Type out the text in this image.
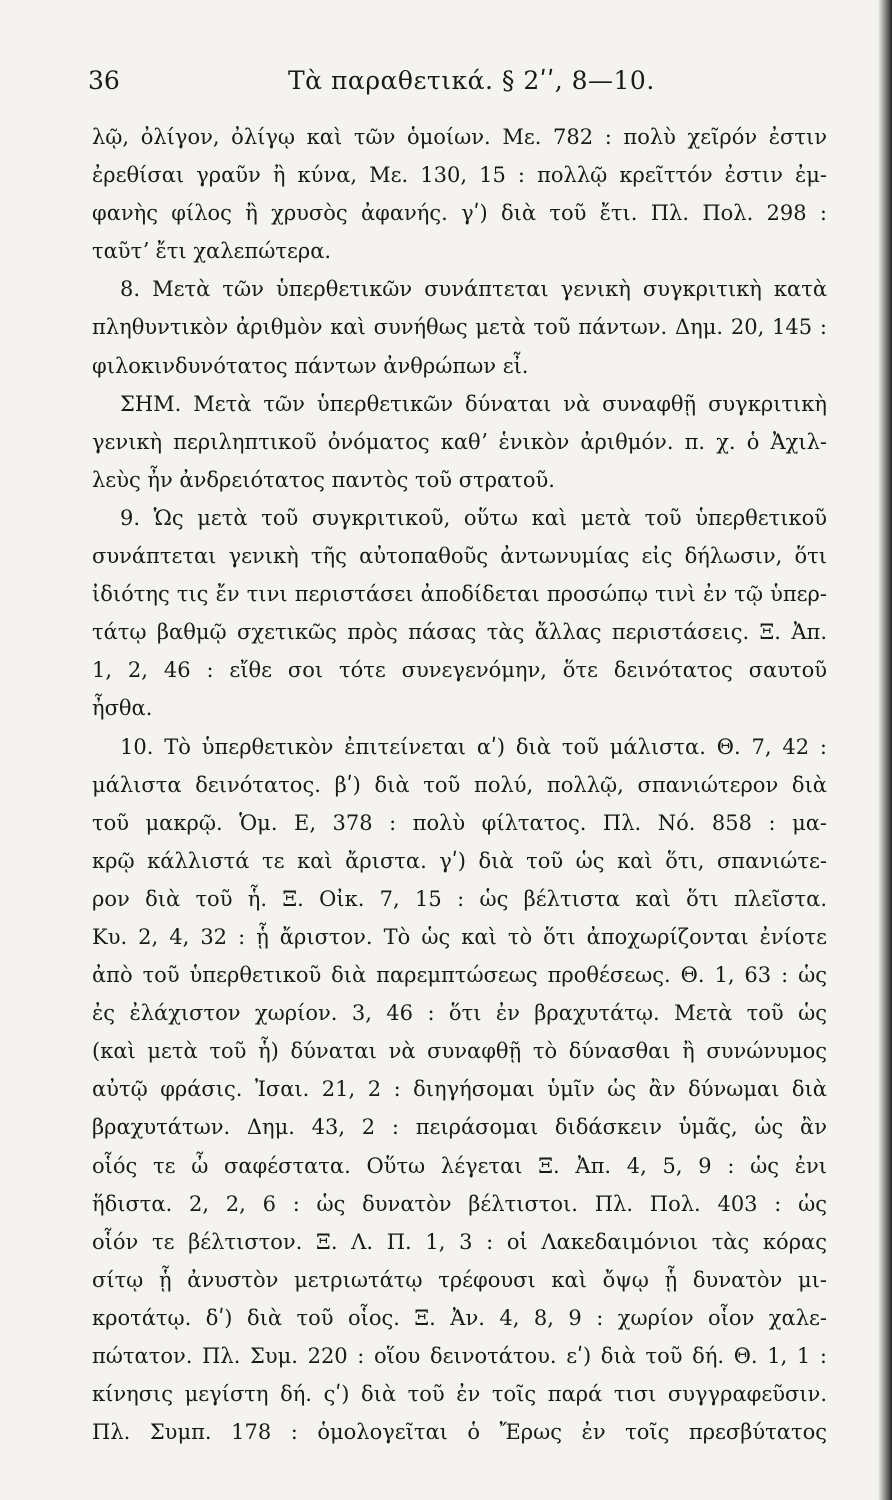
36	Τὰ παραθετικά. § 2ʹʹ, 8—10.
λῷ, ὀλίγον, ὀλίγῳ καὶ τῶν ὁμοίων. Με. 782 : πολὺ χεῖρόν ἐστιν
ἐρεθίσαι γραῦν ἢ κύνα, Με. 130, 15 : πολλῷ κρεῖττόν ἐστιν ἐμ-
φανὴς φίλος ἢ χρυσὸς ἀφανής. γʹ) διὰ τοῦ ἔτι. Πλ. Πολ. 298 :
ταῦτʼ ἔτι χαλεπώτερα.
8. Μετὰ τῶν ὑπερθετικῶν συνάπτεται γενικὴ συγκριτικὴ κατὰ
πληθυντικὸν ἀριθμὸν καὶ συνήθως μετὰ τοῦ πάντων. Δημ. 20, 145 :
φιλοκινδυνότατος πάντων ἀνθρώπων εἶ.
ΣΗΜ. Μετὰ τῶν ὑπερθετικῶν δύναται νὰ συναφθῇ συγκριτικὴ
γενικὴ περιληπτικοῦ ὀνόματος καθʼ ἑνικὸν ἀριθμόν. π. χ. ὁ Ἀχιλ-
λεὺς ἦν ἀνδρειότατος παντὸς τοῦ στρατοῦ.
9. Ὡς μετὰ τοῦ συγκριτικοῦ, οὕτω καὶ μετὰ τοῦ ὑπερθετικοῦ
συνάπτεται γενικὴ τῆς αὐτοπαθοῦς ἀντωνυμίας εἰς δήλωσιν, ὅτι
ἰδιότης τις ἔν τινι περιστάσει ἀποδίδεται προσώπῳ τινὶ ἐν τῷ ὑπερ-
τάτῳ βαθμῷ σχετικῶς πρὸς πάσας τὰς ἄλλας περιστάσεις. Ξ. Ἀπ.
1, 2, 46 : εἴθε σοι τότε συνεγενόμην, ὅτε δεινότατος σαυτοῦ
ἦσθα.
10. Τὸ ὑπερθετικὸν ἐπιτείνεται αʹ) διὰ τοῦ μάλιστα. Θ. 7, 42 :
μάλιστα δεινότατος. βʹ) διὰ τοῦ πολύ, πολλῷ, σπανιώτερον διὰ
τοῦ μακρῷ. Ὁμ. Ε, 378 : πολὺ φίλτατος. Πλ. Νό. 858 : μα-
κρῷ κάλλιστά τε καὶ ἄριστα. γʹ) διὰ τοῦ ὡς καὶ ὅτι, σπανιώτε-
ρον διὰ τοῦ ἧ. Ξ. Οἰκ. 7, 15 : ὡς βέλτιστα καὶ ὅτι πλεῖστα.
Κυ. 2, 4, 32 : ᾗ ἄριστον. Τὸ ὡς καὶ τὸ ὅτι ἀποχωρίζονται ἐνίοτε
ἀπὸ τοῦ ὑπερθετικοῦ διὰ παρεμπτώσεως προθέσεως. Θ. 1, 63 : ὡς
ἐς ἐλάχιστον χωρίον. 3, 46 : ὅτι ἐν βραχυτάτῳ. Μετὰ τοῦ ὡς
(καὶ μετὰ τοῦ ἧ) δύναται νὰ συναφθῇ τὸ δύνασθαι ἢ συνώνυμος
αὐτῷ φράσις. Ἰσαι. 21, 2 : διηγήσομαι ὑμῖν ὡς ἂν δύνωμαι διὰ
βραχυτάτων. Δημ. 43, 2 : πειράσομαι διδάσκειν ὑμᾶς, ὡς ἂν
οἷός τε ὦ σαφέστατα. Οὕτω λέγεται Ξ. Ἀπ. 4, 5, 9 : ὡς ἐνι
ἥδιστα. 2, 2, 6 : ὡς δυνατὸν βέλτιστοι. Πλ. Πολ. 403 : ὡς
οἷόν τε βέλτιστον. Ξ. Λ. Π. 1, 3 : οἱ Λακεδαιμόνιοι τὰς κόρας
σίτῳ ᾗ ἀνυστὸν μετριωτάτῳ τρέφουσι καὶ ὄψῳ ᾗ δυνατὸν μι-
κροτάτῳ. δʹ) διὰ τοῦ οἷος. Ξ. Ἀν. 4, 8, 9 : χωρίον οἷον χαλε-
πώτατον. Πλ. Συμ. 220 : οἵου δεινοτάτου. εʹ) διὰ τοῦ δή. Θ. 1, 1 :
κίνησις μεγίστη δή. ςʹ) διὰ τοῦ ἐν τοῖς παρά τισι συγγραφεῦσιν.
Πλ. Συμπ. 178 : ὁμολογεῖται ὁ Ἔρως ἐν τοῖς πρεσβύτατος
